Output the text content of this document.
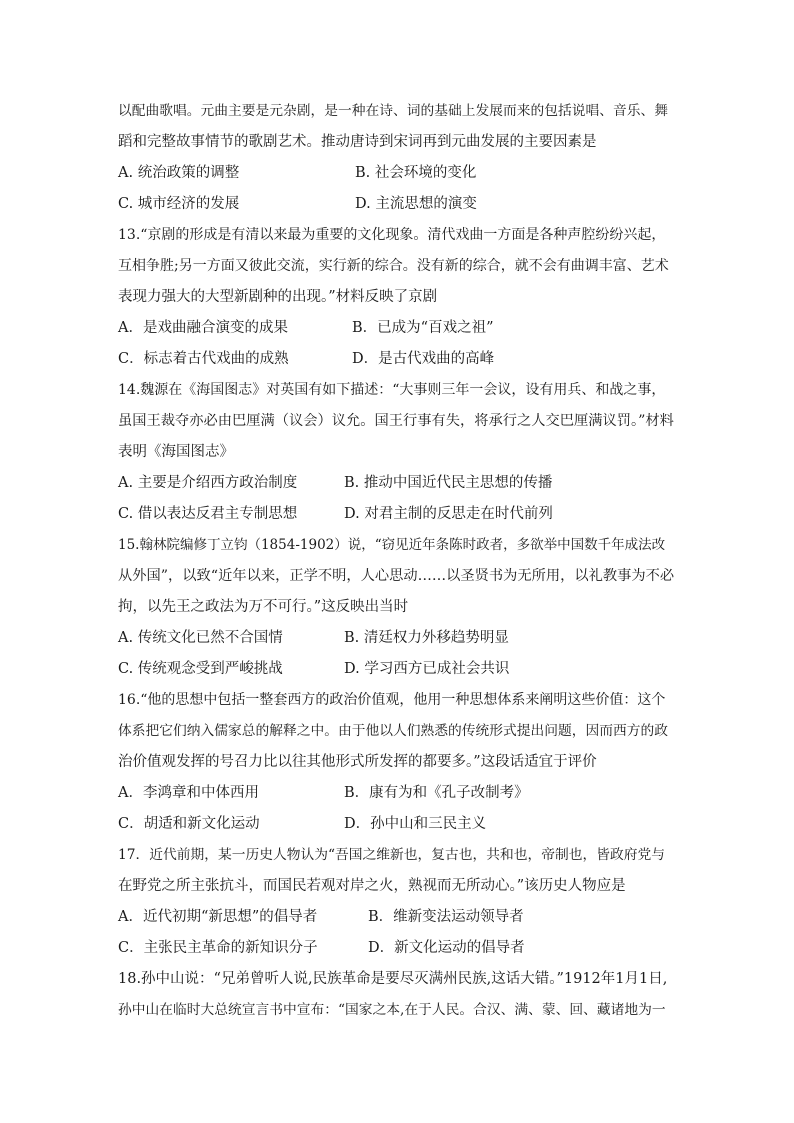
以配曲歌唱。元曲主要是元杂剧，是一种在诗、词的基础上发展而来的包括说唱、音乐、舞
蹈和完整故事情节的歌剧艺术。推动唐诗到宋词再到元曲发展的主要因素是
A. 统治政策的调整	B. 社会环境的变化
C. 城市经济的发展	D. 主流思想的演变
13.“京剧的形成是有清以来最为重要的文化现象。清代戏曲一方面是各种声腔纷纷兴起，
互相争胜;另一方面又彼此交流，实行新的综合。没有新的综合，就不会有曲调丰富、艺术
表现力强大的大型新剧种的出现。”材料反映了京剧
A．是戏曲融合演变的成果	B．已成为“百戏之祖”
C．标志着古代戏曲的成熟	D．是古代戏曲的高峰
14.魏源在《海国图志》对英国有如下描述：“大事则三年一会议，设有用兵、和战之事，
虽国王裁夺亦必由巴厘满（议会）议允。国王行事有失，将承行之人交巴厘满议罚。”材料
表明《海国图志》
A. 主要是介绍西方政治制度	B. 推动中国近代民主思想的传播
C. 借以表达反君主专制思想	D. 对君主制的反思走在时代前列
15.翰林院编修丁立钧（1854-1902）说，“窃见近年条陈时政者，多欲举中国数千年成法改
从外国”，以致“近年以来，正学不明，人心思动……以圣贤书为无所用，以礼教事为不必
拘，以先王之政法为万不可行。”这反映出当时
A. 传统文化已然不合国情	B. 清廷权力外移趋势明显
C. 传统观念受到严峻挑战	D. 学习西方已成社会共识
16.“他的思想中包括一整套西方的政治价值观，他用一种思想体系来阐明这些价值：这个
体系把它们纳入儒家总的解释之中。由于他以人们熟悉的传统形式提出问题，因而西方的政
治价值观发挥的号召力比以往其他形式所发挥的都要多。”这段话适宜于评价
A．李鸿章和中体西用	B．康有为和《孔子改制考》
C．胡适和新文化运动	D．孙中山和三民主义
17．近代前期，某一历史人物认为“吾国之维新也，复古也，共和也，帝制也，皆政府党与
在野党之所主张抗斗，而国民若观对岸之火，熟视而无所动心。”该历史人物应是
A．近代初期“新思想”的倡导者	B．维新变法运动领导者
C．主张民主革命的新知识分子	D．新文化运动的倡导者
18.孙中山说：“兄弟曾听人说,民族革命是要尽灭满州民族,这话大错。”1912年1月1日,
孙中山在临时大总统宣言书中宣布：“国家之本,在于人民。合汉、满、蒙、回、藏诸地为一
